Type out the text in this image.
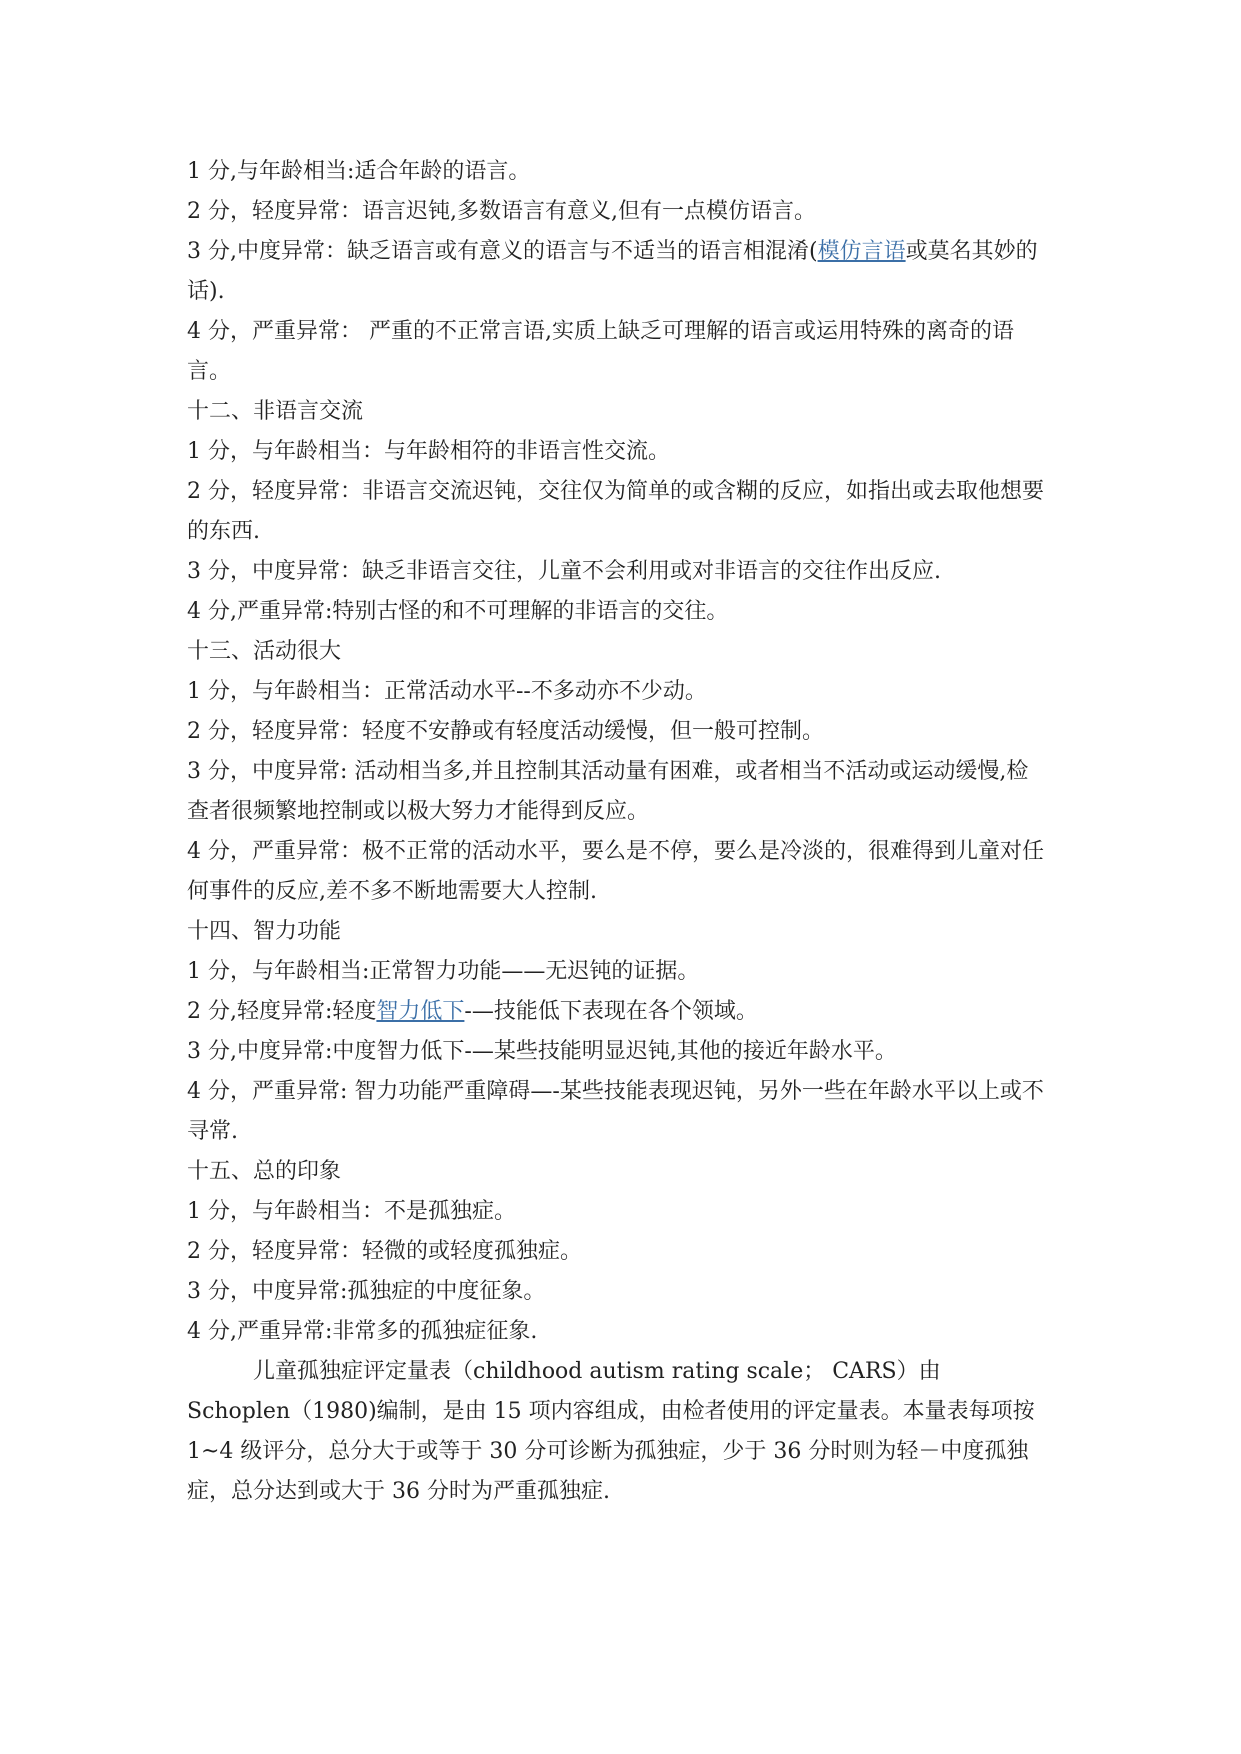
1 分,与年龄相当:适合年龄的语言。

2 分，轻度异常：语言迟钝,多数语言有意义,但有一点模仿语言。

3 分,中度异常：缺乏语言或有意义的语言与不适当的语言相混淆(模仿言语或莫名其妙的话).

4 分，严重异常： 严重的不正常言语,实质上缺乏可理解的语言或运用特殊的离奇的语言。

十二、非语言交流

1 分，与年龄相当：与年龄相符的非语言性交流。

2 分，轻度异常：非语言交流迟钝，交往仅为简单的或含糊的反应，如指出或去取他想要的东西.

3 分，中度异常：缺乏非语言交往，儿童不会利用或对非语言的交往作出反应.

4 分,严重异常:特别古怪的和不可理解的非语言的交往。

十三、活动很大

1 分，与年龄相当：正常活动水平--不多动亦不少动。

2 分，轻度异常：轻度不安静或有轻度活动缓慢，但一般可控制。

3 分，中度异常: 活动相当多,并且控制其活动量有困难，或者相当不活动或运动缓慢,检查者很频繁地控制或以极大努力才能得到反应。

4 分，严重异常：极不正常的活动水平，要么是不停，要么是冷淡的，很难得到儿童对任何事件的反应,差不多不断地需要大人控制.

十四、智力功能

1 分，与年龄相当:正常智力功能——无迟钝的证据。

2 分,轻度异常:轻度智力低下-—技能低下表现在各个领域。

3 分,中度异常:中度智力低下-—某些技能明显迟钝,其他的接近年龄水平。

4 分，严重异常: 智力功能严重障碍—-某些技能表现迟钝，另外一些在年龄水平以上或不寻常.

十五、总的印象

1 分，与年龄相当：不是孤独症。

2 分，轻度异常：轻微的或轻度孤独症。

3 分，中度异常:孤独症的中度征象。

4 分,严重异常:非常多的孤独症征象.

儿童孤独症评定量表（childhood autism rating scale； CARS）由 Schoplen（1980)编制，是由 15 项内容组成，由检者使用的评定量表。本量表每项按 1~4 级评分，总分大于或等于 30 分可诊断为孤独症，少于 36 分时则为轻－中度孤独症，总分达到或大于 36 分时为严重孤独症.
